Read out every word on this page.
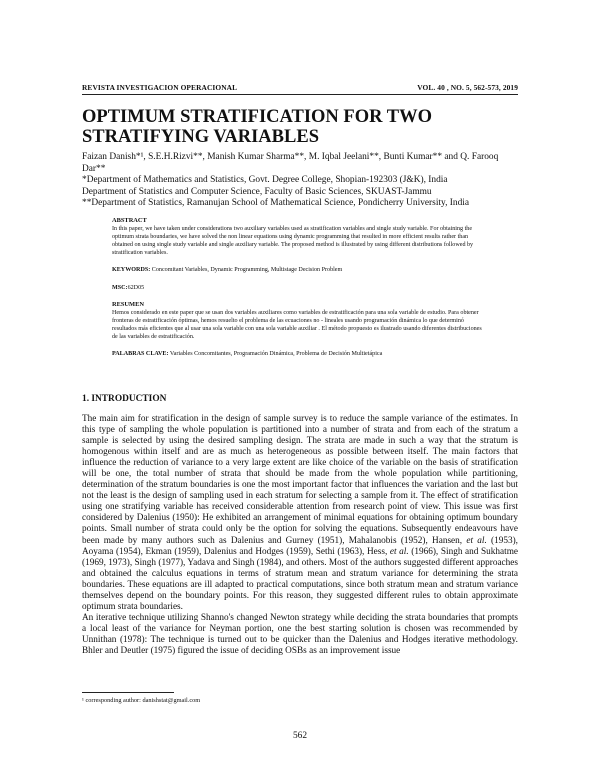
REVISTA INVESTIGACION OPERACIONAL	VOL. 40 , NO. 5, 562-573, 2019
OPTIMUM STRATIFICATION FOR TWO STRATIFYING VARIABLES

Faizan Danish*¹, S.E.H.Rizvi**, Manish Kumar Sharma**, M. Iqbal Jeelani**, Bunti Kumar** and Q. Farooq Dar**

*Department of Mathematics and Statistics, Govt. Degree College, Shopian-192303 (J&K), India

Department of Statistics and Computer Science, Faculty of Basic Sciences, SKUAST-Jammu

**Department of Statistics, Ramanujan School of Mathematical Science, Pondicherry University, India

ABSTRACT

In this paper, we have taken under considerations two auxiliary variables used as stratification variables and single study variable. For obtaining the optimum strata boundaries, we have solved the non linear equations using dynamic programming that resulted in more efficient results rather than obtained on using single study variable and single auxiliary variable. The proposed method is illustrated by using different distributions followed by stratification variables.

KEYWORDS: Concomitant Variables, Dynamic Programming, Multistage Decision Problem

MSC:62D05

RESUMEN

Hemos considerado en este paper que se usan dos variables auxiliares como variables de estratificación para una sola variable de estudio. Para obtener fronteras de estratificación óptimas, hemos resuelto el problema de las ecuaciones no - lineales usando programación dinámica lo que determinó resultados más eficientes que al usar una sola variable con una sola variable auxiliar . El método propuesto es ilustrado usando diferentes distribuciones de las variables de estratificación.

PALABRAS CLAVE: Variables Concomitantes, Programación Dinámica, Problema de Decisión Multietápica

1. INTRODUCTION

The main aim for stratification in the design of sample survey is to reduce the sample variance of the estimates. In this type of sampling the whole population is partitioned into a number of strata and from each of the stratum a sample is selected by using the desired sampling design. The strata are made in such a way that the stratum is homogenous within itself and are as much as heterogeneous as possible between itself. The main factors that influence the reduction of variance to a very large extent are like choice of the variable on the basis of stratification will be one, the total number of strata that should be made from the whole population while partitioning, determination of the stratum boundaries is one the most important factor that influences the variation and the last but not the least is the design of sampling used in each stratum for selecting a sample from it. The effect of stratification using one stratifying variable has received considerable attention from research point of view. This issue was first considered by Dalenius (1950): He exhibited an arrangement of minimal equations for obtaining optimum boundary points. Small number of strata could only be the option for solving the equations. Subsequently endeavours have been made by many authors such as Dalenius and Gurney (1951), Mahalanobis (1952), Hansen, et al. (1953), Aoyama (1954), Ekman (1959), Dalenius and Hodges (1959), Sethi (1963), Hess, et al. (1966), Singh and Sukhatme (1969, 1973), Singh (1977), Yadava and Singh (1984), and others. Most of the authors suggested different approaches and obtained the calculus equations in terms of stratum mean and stratum variance for determining the strata boundaries. These equations are ill adapted to practical computations, since both stratum mean and stratum variance themselves depend on the boundary points. For this reason, they suggested different rules to obtain approximate optimum strata boundaries.

An iterative technique utilizing Shanno's changed Newton strategy while deciding the strata boundaries that prompts a local least of the variance for Neyman portion, one the best starting solution is chosen was recommended by Unnithan (1978): The technique is turned out to be quicker than the Dalenius and Hodges iterative methodology. Bhler and Deutler (1975) figured the issue of deciding OSBs as an improvement issue

¹ corresponding author: danishstat@gmail.com
562
